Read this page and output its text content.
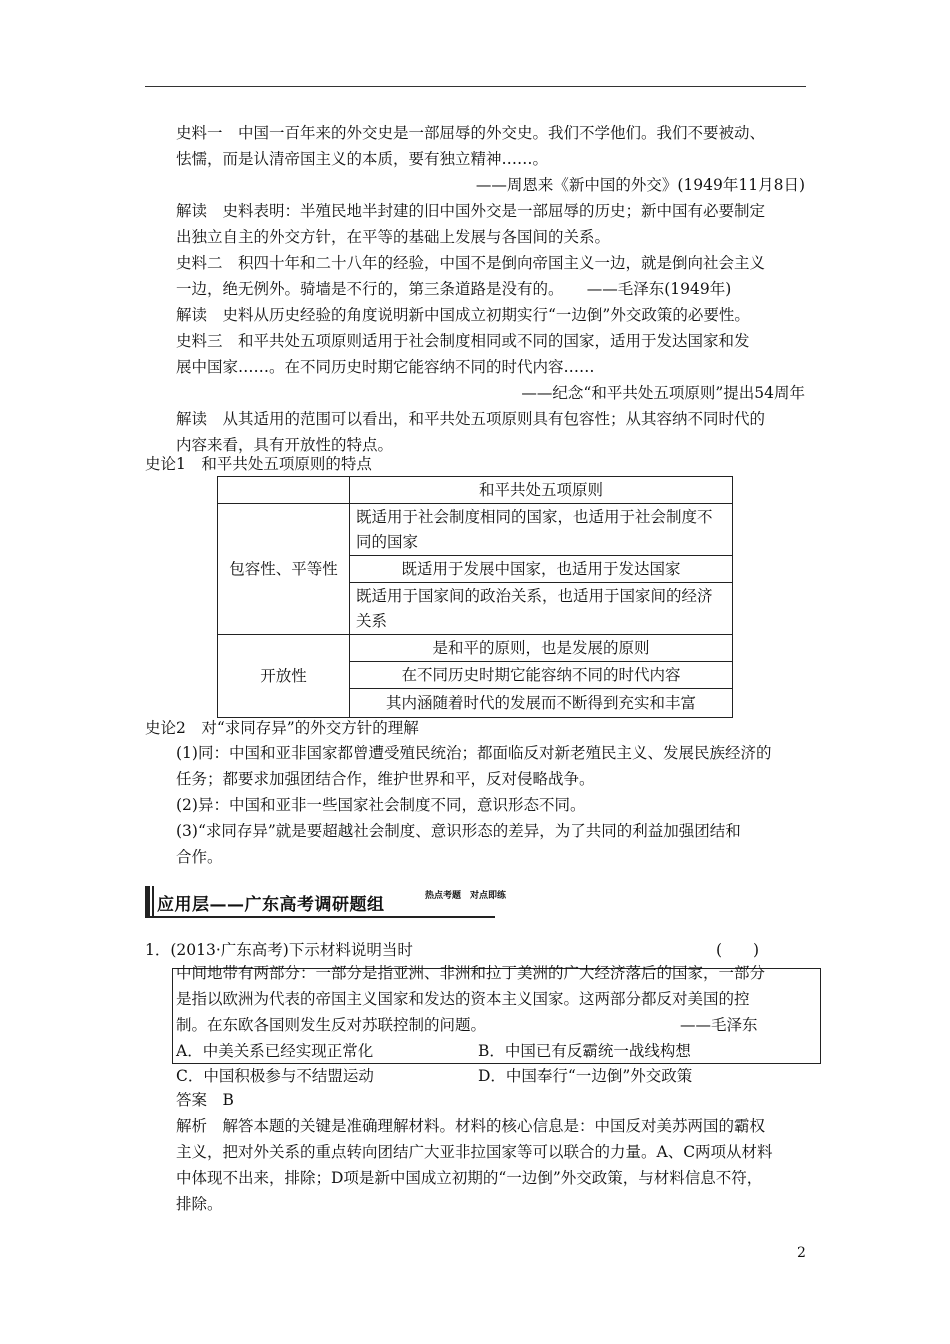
史料一　中国一百年来的外交史是一部屈辱的外交史。我们不学他们。我们不要被动、
怯懦，而是认清帝国主义的本质，要有独立精神……。
——周恩来《新中国的外交》(1949年11月8日)
解读　史料表明：半殖民地半封建的旧中国外交是一部屈辱的历史；新中国有必要制定
出独立自主的外交方针，在平等的基础上发展与各国间的关系。
史料二　积四十年和二十八年的经验，中国不是倒向帝国主义一边，就是倒向社会主义
一边，绝无例外。骑墙是不行的，第三条道路是没有的。　　——毛泽东(1949年)
解读　史料从历史经验的角度说明新中国成立初期实行“一边倒”外交政策的必要性。
史料三　和平共处五项原则适用于社会制度相同或不同的国家，适用于发达国家和发
展中国家……。在不同历史时期它能容纳不同的时代内容……
——纪念“和平共处五项原则”提出54周年
解读　从其适用的范围可以看出，和平共处五项原则具有包容性；从其容纳不同时代的
内容来看，具有开放性的特点。
史论1　和平共处五项原则的特点
	和平共处五项原则
包容性、平等性	既适用于社会制度相同的国家，也适用于社会制度不同的国家
	既适用于发展中国家，也适用于发达国家
	既适用于国家间的政治关系，也适用于国家间的经济关系
开放性	是和平的原则，也是发展的原则
	在不同历史时期它能容纳不同的时代内容
	其内涵随着时代的发展而不断得到充实和丰富
史论2　对“求同存异”的外交方针的理解
(1)同：中国和亚非国家都曾遭受殖民统治；都面临反对新老殖民主义、发展民族经济的
任务；都要求加强团结合作，维护世界和平，反对侵略战争。
(2)异：中国和亚非一些国家社会制度不同，意识形态不同。
(3)“求同存异”就是要超越社会制度、意识形态的差异，为了共同的利益加强团结和
合作。
应用层——广东高考调研题组	热点考题　对点即练
1．(2013·广东高考)下示材料说明当时	(　　)
中间地带有两部分：一部分是指亚洲、非洲和拉丁美洲的广大经济落后的国家，一部分
是指以欧洲为代表的帝国主义国家和发达的资本主义国家。这两部分都反对美国的控
制。在东欧各国则发生反对苏联控制的问题。	——毛泽东
A．中美关系已经实现正常化	B．中国已有反霸统一战线构想
C．中国积极参与不结盟运动	D．中国奉行“一边倒”外交政策
答案　B
解析　解答本题的关键是准确理解材料。材料的核心信息是：中国反对美苏两国的霸权
主义，把对外关系的重点转向团结广大亚非拉国家等可以联合的力量。A、C两项从材料
中体现不出来，排除；D项是新中国成立初期的“一边倒”外交政策，与材料信息不符，
排除。
2
